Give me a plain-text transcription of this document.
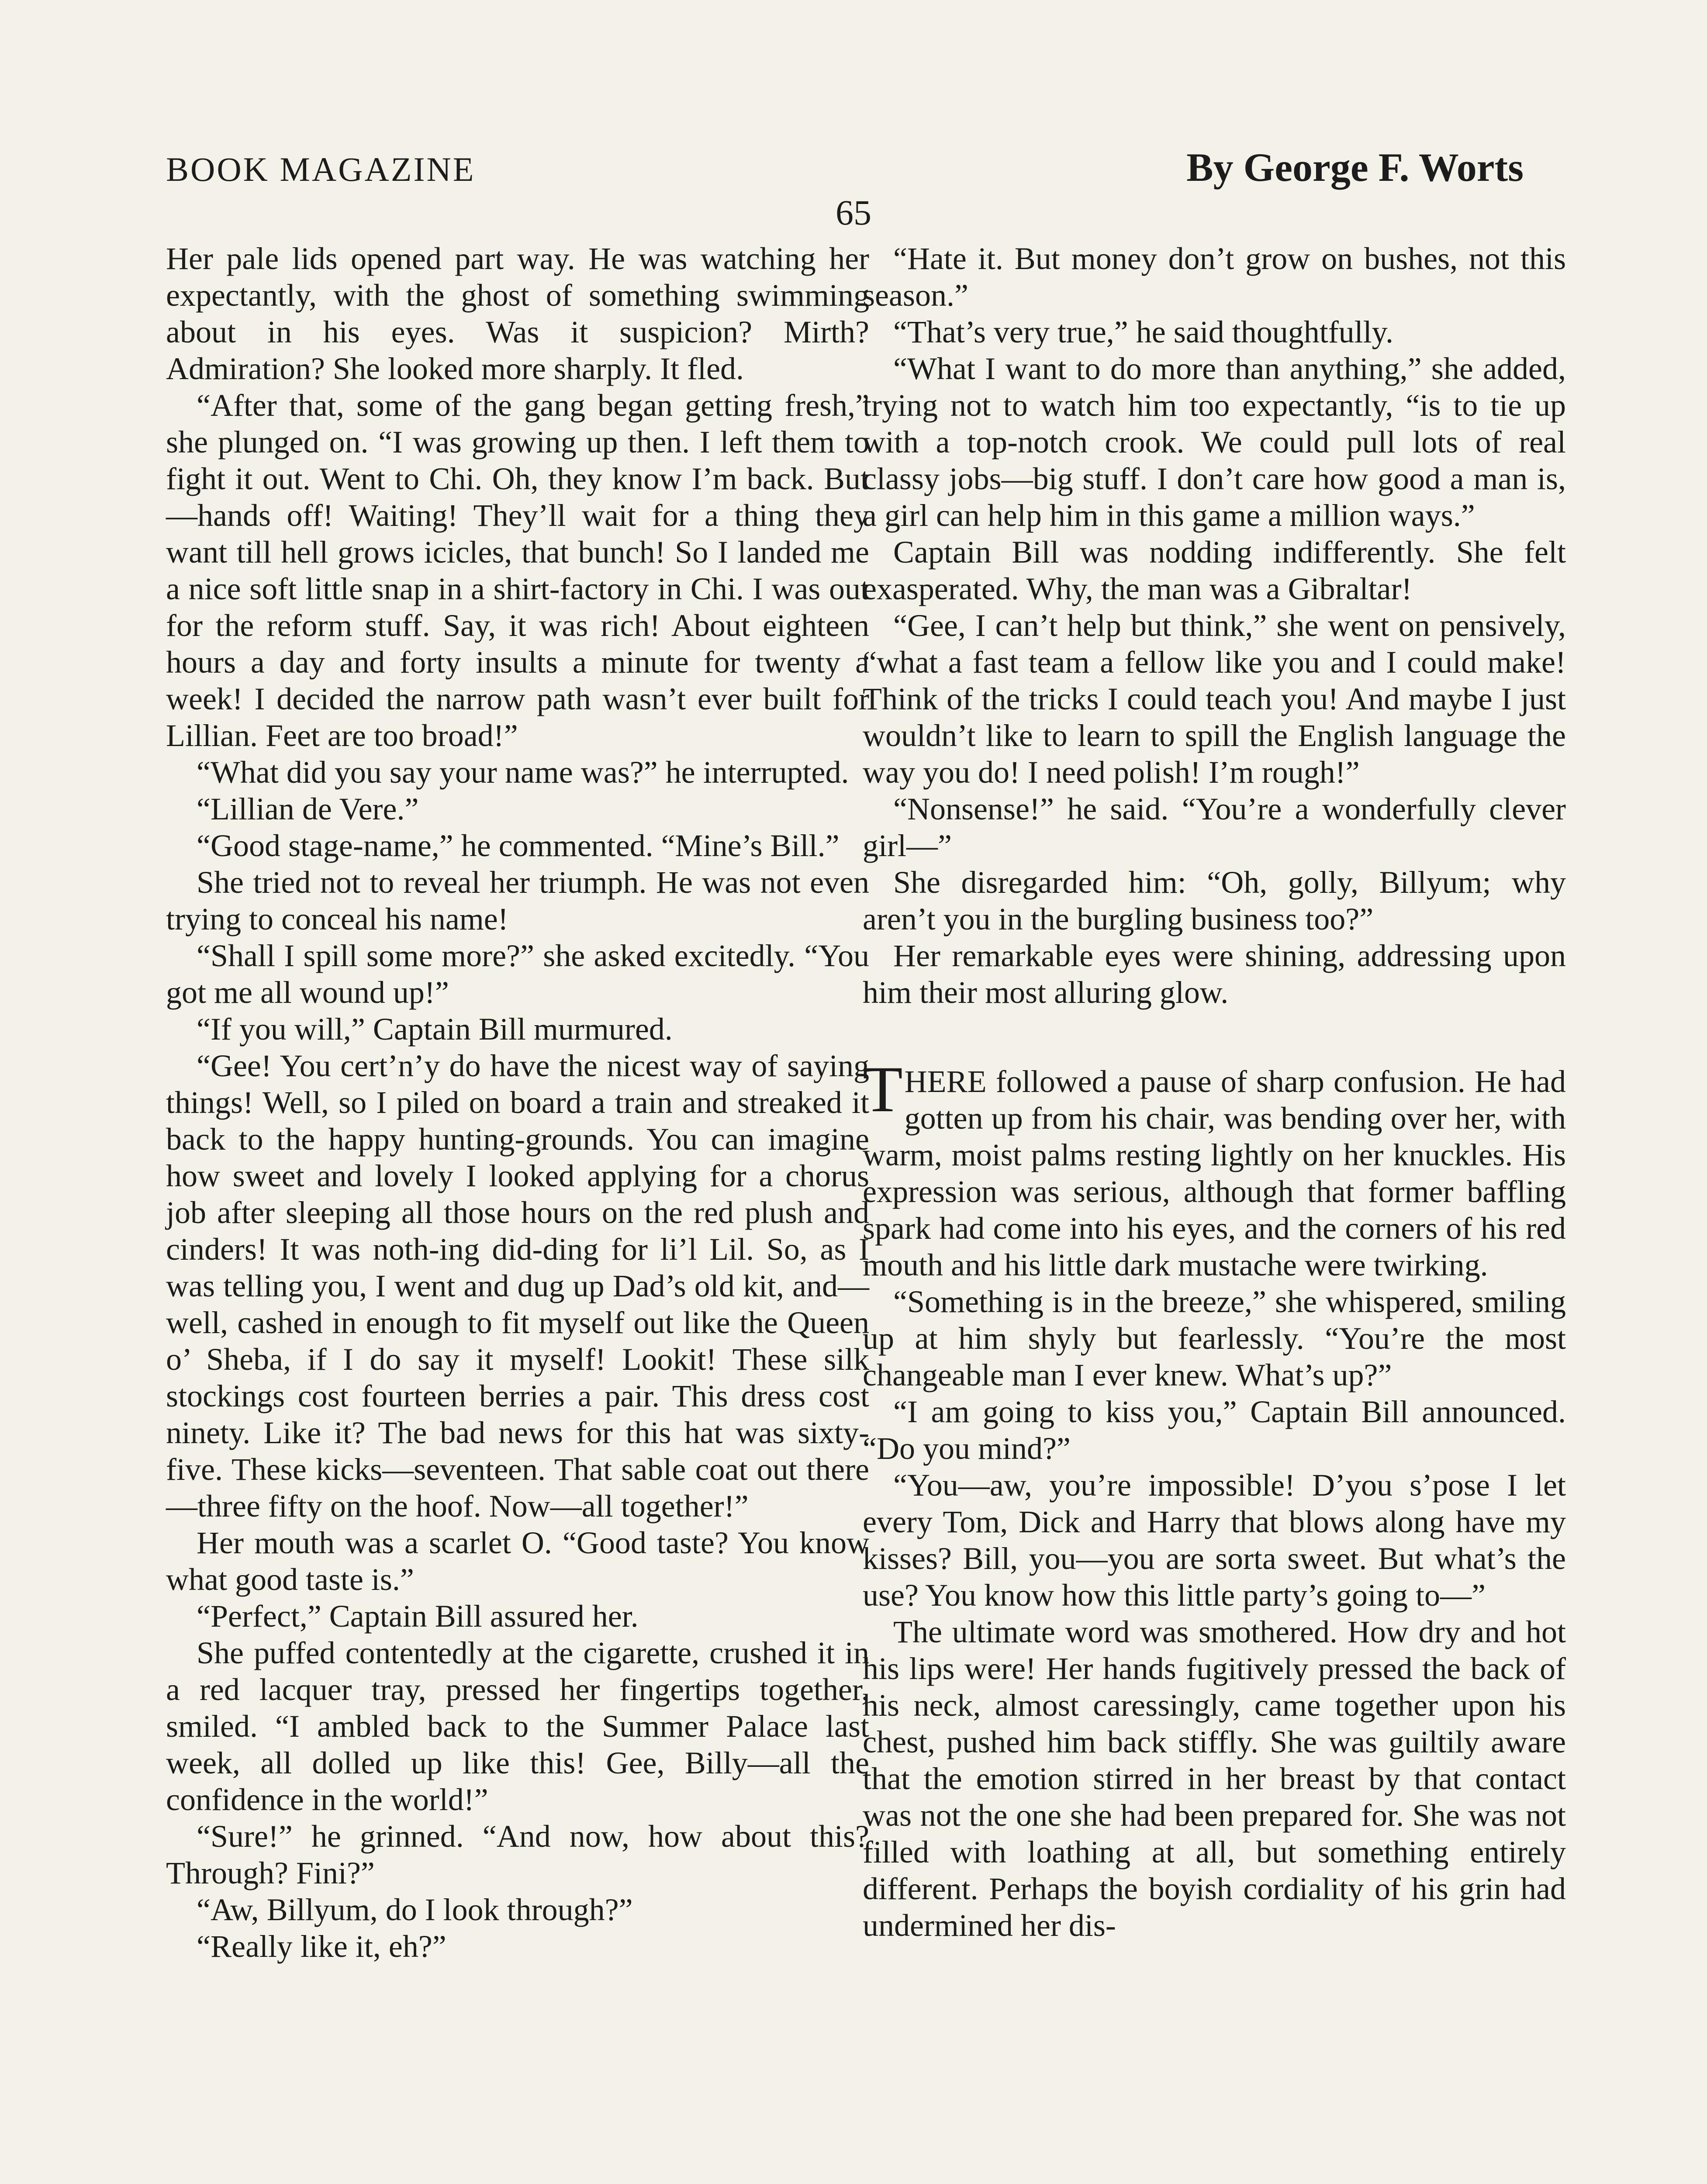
BOOK MAGAZINE	By George F. Worts
65

Her pale lids opened part way. He was watching her expectantly, with the ghost of something swimming about in his eyes. Was it suspicion? Mirth? Admiration? She looked more sharply. It fled.

“After that, some of the gang began getting fresh,” she plunged on. “I was growing up then. I left them to fight it out. Went to Chi. Oh, they know I’m back. But—hands off! Waiting! They’ll wait for a thing they want till hell grows icicles, that bunch! So I landed me a nice soft little snap in a shirt-factory in Chi. I was out for the reform stuff. Say, it was rich! About eighteen hours a day and forty insults a minute for twenty a week! I decided the narrow path wasn’t ever built for Lillian. Feet are too broad!”

“What did you say your name was?” he interrupted.

“Lillian de Vere.”

“Good stage-name,” he commented. “Mine’s Bill.”

She tried not to reveal her triumph. He was not even trying to conceal his name!

“Shall I spill some more?” she asked excitedly. “You got me all wound up!”

“If you will,” Captain Bill murmured.

“Gee! You cert’n’y do have the nicest way of saying things! Well, so I piled on board a train and streaked it back to the happy hunting-grounds. You can imagine how sweet and lovely I looked applying for a chorus job after sleeping all those hours on the red plush and cinders! It was noth-ing did-ding for li’l Lil. So, as I was telling you, I went and dug up Dad’s old kit, and—well, cashed in enough to fit myself out like the Queen o’ Sheba, if I do say it myself! Lookit! These silk stockings cost fourteen berries a pair. This dress cost ninety. Like it? The bad news for this hat was sixty-five. These kicks—seventeen. That sable coat out there—three fifty on the hoof. Now—all together!”

Her mouth was a scarlet O. “Good taste? You know what good taste is.”

“Perfect,” Captain Bill assured her.

She puffed contentedly at the cigarette, crushed it in a red lacquer tray, pressed her fingertips together, smiled. “I ambled back to the Summer Palace last week, all dolled up like this! Gee, Billy—all the confidence in the world!”

“Sure!” he grinned. “And now, how about this? Through? Fini?”

“Aw, Billyum, do I look through?”

“Really like it, eh?”

“Hate it. But money don’t grow on bushes, not this season.”

“That’s very true,” he said thoughtfully.

“What I want to do more than anything,” she added, trying not to watch him too expectantly, “is to tie up with a top-notch crook. We could pull lots of real classy jobs—big stuff. I don’t care how good a man is, a girl can help him in this game a million ways.”

Captain Bill was nodding indifferently. She felt exasperated. Why, the man was a Gibraltar!

“Gee, I can’t help but think,” she went on pensively, “what a fast team a fellow like you and I could make! Think of the tricks I could teach you! And maybe I just wouldn’t like to learn to spill the English language the way you do! I need polish! I’m rough!”

“Nonsense!” he said. “You’re a wonderfully clever girl—”

She disregarded him: “Oh, golly, Billyum; why aren’t you in the burgling business too?”

Her remarkable eyes were shining, addressing upon him their most alluring glow.

THERE followed a pause of sharp confusion. He had gotten up from his chair, was bending over her, with warm, moist palms resting lightly on her knuckles. His expression was serious, although that former baffling spark had come into his eyes, and the corners of his red mouth and his little dark mustache were twirking.

“Something is in the breeze,” she whispered, smiling up at him shyly but fearlessly. “You’re the most changeable man I ever knew. What’s up?”

“I am going to kiss you,” Captain Bill announced. “Do you mind?”

“You—aw, you’re impossible! D’you s’pose I let every Tom, Dick and Harry that blows along have my kisses? Bill, you—you are sorta sweet. But what’s the use? You know how this little party’s going to—”

The ultimate word was smothered. How dry and hot his lips were! Her hands fugitively pressed the back of his neck, almost caressingly, came together upon his chest, pushed him back stiffly. She was guiltily aware that the emotion stirred in her breast by that contact was not the one she had been prepared for. She was not filled with loathing at all, but something entirely different. Perhaps the boyish cordiality of his grin had undermined her dis-
